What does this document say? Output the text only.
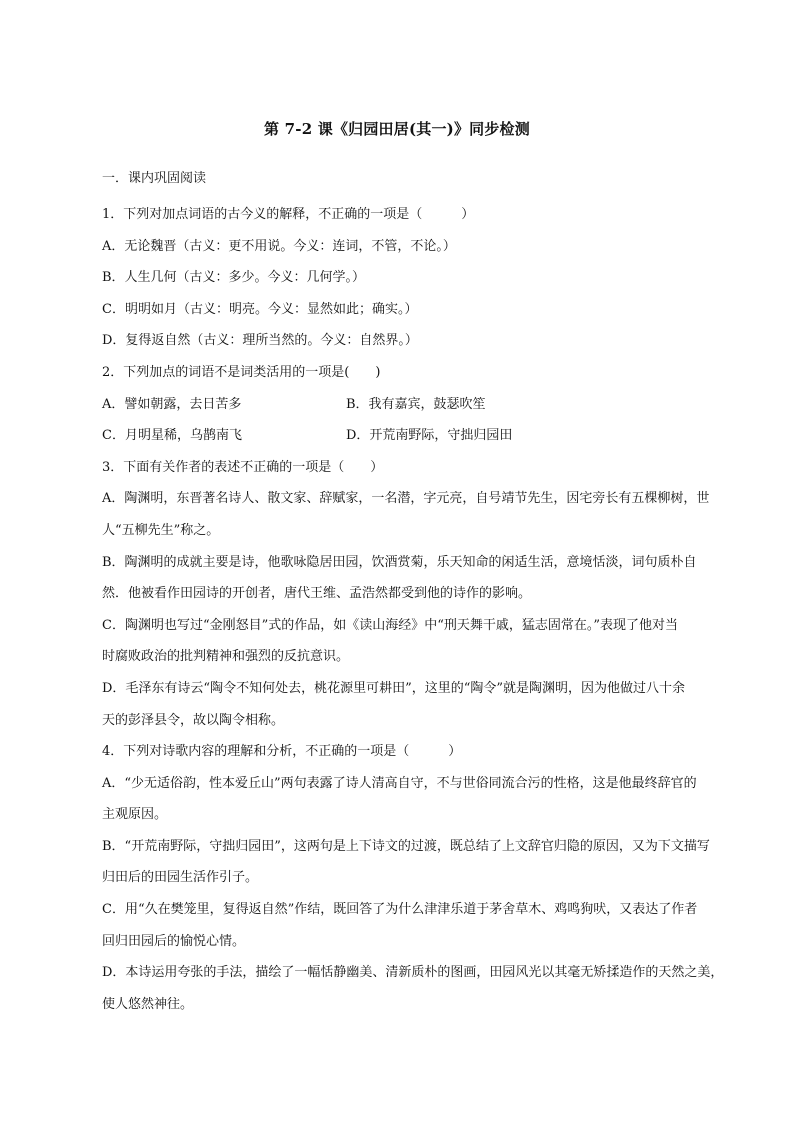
第 7-2 课《归园田居(其一)》同步检测
一．课内巩固阅读
1．下列对加点词语的古今义的解释，不正确的一项是（　　　）
A．无论魏晋（古义：更不用说。今义：连词，不管，不论。）
B．人生几何（古义：多少。今义：几何学。）
C．明明如月（古义：明亮。今义：显然如此；确实。）
D．复得返自然（古义：理所当然的。今义：自然界。）
2．下列加点的词语不是词类活用的一项是(　　)
A．譬如朝露，去日苦多	B．我有嘉宾，鼓瑟吹笙
C．月明星稀，乌鹊南飞	D．开荒南野际，守拙归园田
3．下面有关作者的表述不正确的一项是（　　）
A．陶渊明，东晋著名诗人、散文家、辞赋家，一名潜，字元亮，自号靖节先生，因宅旁长有五棵柳树，世
人“五柳先生”称之。
B．陶渊明的成就主要是诗，他歌咏隐居田园，饮酒赏菊，乐天知命的闲适生活，意境恬淡，词句质朴自
然．他被看作田园诗的开创者，唐代王维、孟浩然都受到他的诗作的影响。
C．陶渊明也写过“金刚怒目”式的作品，如《读山海经》中“刑天舞干戚，猛志固常在。”表现了他对当
时腐败政治的批判精神和强烈的反抗意识。
D．毛泽东有诗云“陶令不知何处去，桃花源里可耕田”，这里的“陶令”就是陶渊明，因为他做过八十余
天的彭泽县令，故以陶令相称。
4．下列对诗歌内容的理解和分析，不正确的一项是（　　　）
A．“少无适俗韵，性本爱丘山”两句表露了诗人清高自守，不与世俗同流合污的性格，这是他最终辞官的
主观原因。
B．“开荒南野际，守拙归园田”，这两句是上下诗文的过渡，既总结了上文辞官归隐的原因，又为下文描写
归田后的田园生活作引子。
C．用“久在樊笼里，复得返自然”作结，既回答了为什么津津乐道于茅舍草木、鸡鸣狗吠，又表达了作者
回归田园后的愉悦心情。
D．本诗运用夸张的手法，描绘了一幅恬静幽美、清新质朴的图画，田园风光以其毫无矫揉造作的天然之美，
使人悠然神往。
